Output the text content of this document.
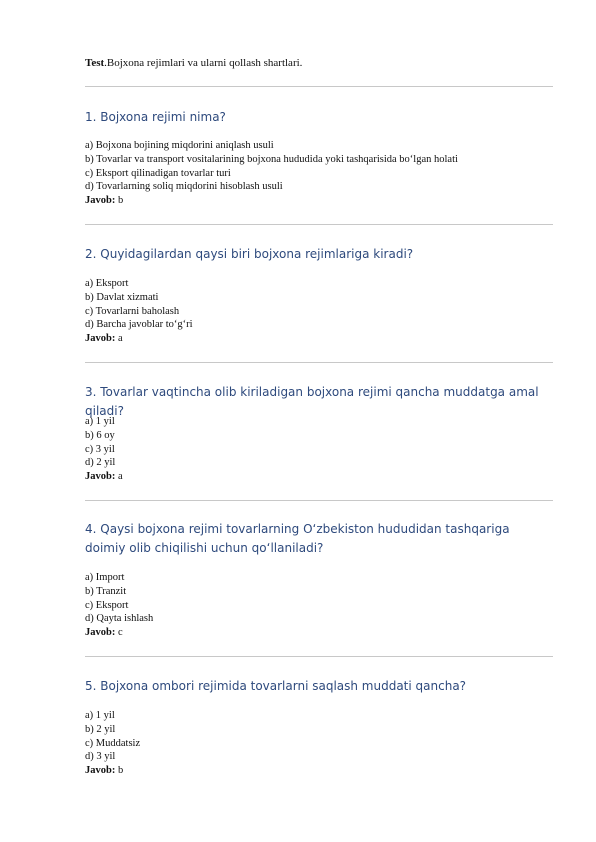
Test.Bojxona rejimlari va ularni qollash shartlari.
1. Bojxona rejimi nima?
a) Bojxona bojining miqdorini aniqlash usuli
b) Tovarlar va transport vositalarining bojxona hududida yoki tashqarisida bo‘lgan holati
c) Eksport qilinadigan tovarlar turi
d) Tovarlarning soliq miqdorini hisoblash usuli
Javob: b
2. Quyidagilardan qaysi biri bojxona rejimlariga kiradi?
a) Eksport
b) Davlat xizmati
c) Tovarlarni baholash
d) Barcha javoblar to‘g‘ri
Javob: a
3. Tovarlar vaqtincha olib kiriladigan bojxona rejimi qancha muddatga amal qiladi?
a) 1 yil
b) 6 oy
c) 3 yil
d) 2 yil
Javob: a
4. Qaysi bojxona rejimi tovarlarning O‘zbekiston hududidan tashqariga doimiy olib chiqilishi uchun qo‘llaniladi?
a) Import
b) Tranzit
c) Eksport
d) Qayta ishlash
Javob: c
5. Bojxona ombori rejimida tovarlarni saqlash muddati qancha?
a) 1 yil
b) 2 yil
c) Muddatsiz
d) 3 yil
Javob: b
